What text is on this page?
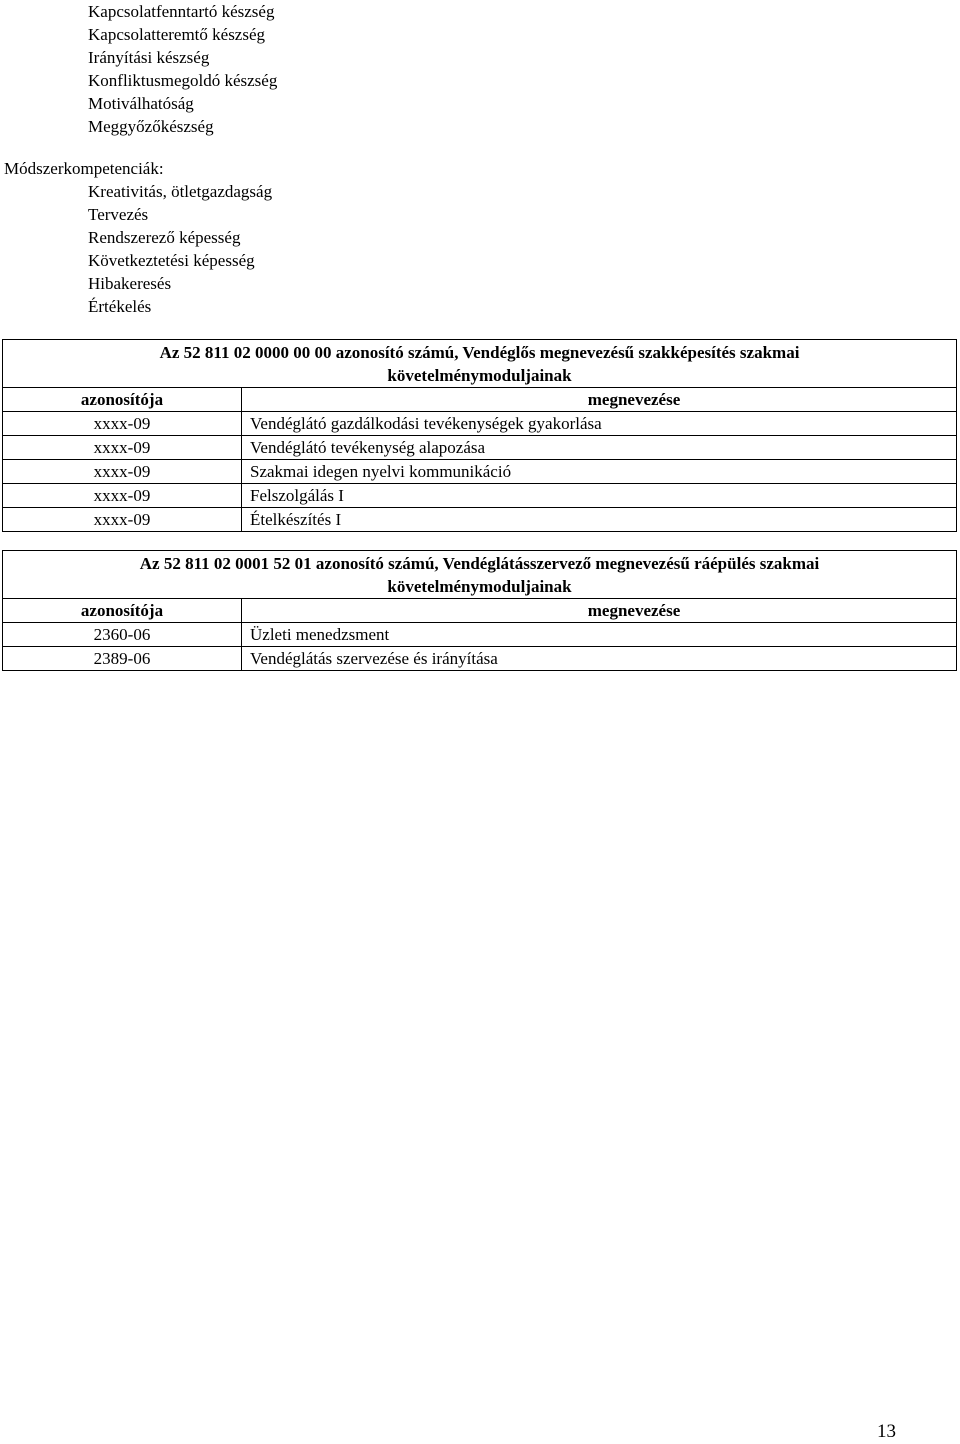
Kapcsolatfenntartó készség
Kapcsolatteremtő készség
Irányítási készség
Konfliktusmegoldó készség
Motiválhatóság
Meggyőzőkészség
Módszerkompetenciák:
Kreativitás, ötletgazdagság
Tervezés
Rendszerező képesség
Következtetési képesség
Hibakeresés
Értékelés
Az 52 811 02 0000 00 00 azonosító számú, Vendéglős megnevezésű szakképesítés szakmai
követelménymoduljainak
azonosítója	megnevezése
xxxx-09	Vendéglátó gazdálkodási tevékenységek gyakorlása
xxxx-09	Vendéglátó tevékenység alapozása
xxxx-09	Szakmai idegen nyelvi kommunikáció
xxxx-09	Felszolgálás I
xxxx-09	Ételkészítés I
Az 52 811 02 0001 52 01 azonosító számú, Vendéglátásszervező megnevezésű ráépülés szakmai
követelménymoduljainak
azonosítója	megnevezése
2360-06	Üzleti menedzsment
2389-06	Vendéglátás szervezése és irányítása
13
